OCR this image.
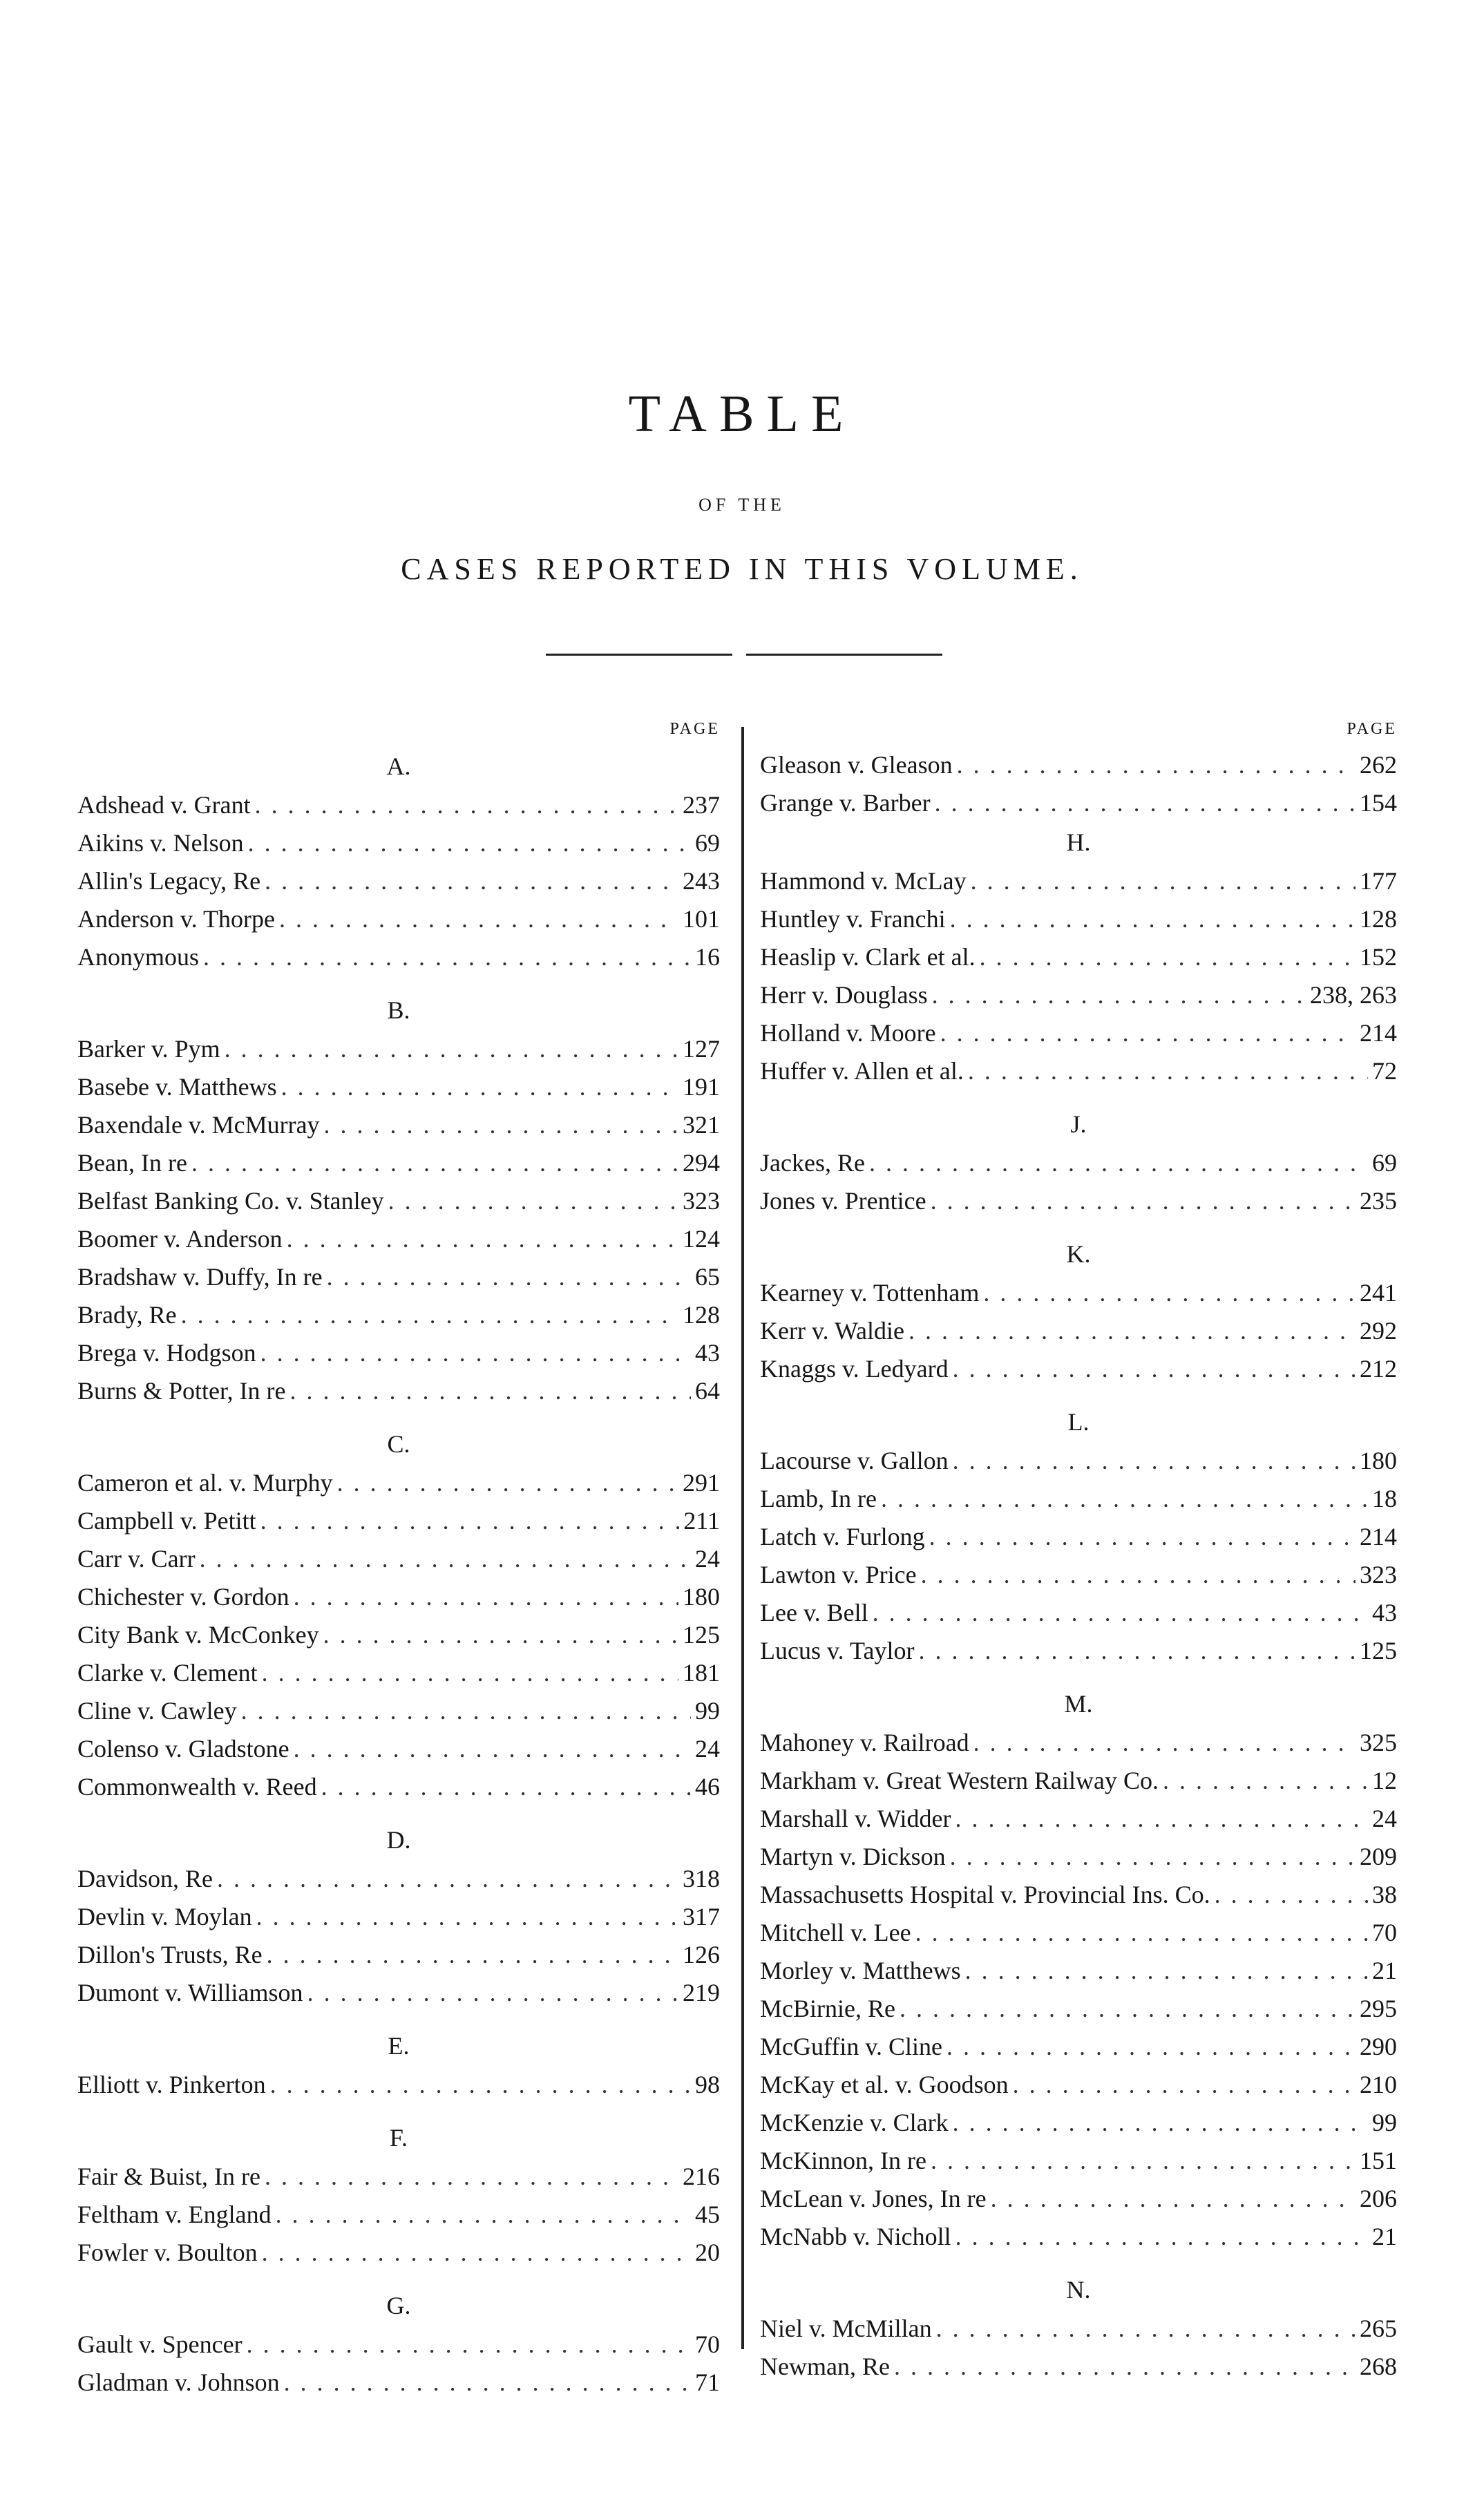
TABLE
OF THE
CASES REPORTED IN THIS VOLUME.
PAGE
A.
Adshead v. Grant . . .	237
Aikins v. Nelson . . .	69
Allin's Legacy, Re . . .	243
Anderson v. Thorpe . . .	101
Anonymous . . .	16
B.
Barker v. Pym . . .	127
Basebe v. Matthews . . .	191
Baxendale v. McMurray . . .	321
Bean, In re . . .	294
Belfast Banking Co. v. Stanley . . .	323
Boomer v. Anderson . . .	124
Bradshaw v. Duffy, In re . . .	65
Brady, Re . . .	128
Brega v. Hodgson . . .	43
Burns & Potter, In re . . .	64
C.
Cameron et al. v. Murphy . . .	291
Campbell v. Petitt . . .	211
Carr v. Carr . . .	24
Chichester v. Gordon . . .	180
City Bank v. McConkey . . .	125
Clarke v. Clement . . .	181
Cline v. Cawley . . .	99
Colenso v. Gladstone . . .	24
Commonwealth v. Reed . . .	46
D.
Davidson, Re . . .	318
Devlin v. Moylan . . .	317
Dillon's Trusts, Re . . .	126
Dumont v. Williamson . . .	219
E.
Elliott v. Pinkerton . . .	98
F.
Fair & Buist, In re . . .	216
Feltham v. England . . .	45
Fowler v. Boulton . . .	20
G.
Gault v. Spencer . . .	70
Gladman v. Johnson . . .	71
PAGE
Gleason v. Gleason . . .	262
Grange v. Barber . . .	154
H.
Hammond v. McLay . . .	177
Huntley v. Franchi . . .	128
Heaslip v. Clark et al. . . .	152
Herr v. Douglass . . .	238, 263
Holland v. Moore . . .	214
Huffer v. Allen et al. . . .	72
J.
Jackes, Re . . .	69
Jones v. Prentice . . .	235
K.
Kearney v. Tottenham . . .	241
Kerr v. Waldie . . .	292
Knaggs v. Ledyard . . .	212
L.
Lacourse v. Gallon . . .	180
Lamb, In re . . .	18
Latch v. Furlong . . .	214
Lawton v. Price . . .	323
Lee v. Bell . . .	43
Lucus v. Taylor . . .	125
M.
Mahoney v. Railroad . . .	325
Markham v. Great Western Railway Co. . . .	12
Marshall v. Widder . . .	24
Martyn v. Dickson . . .	209
Massachusetts Hospital v. Provincial Ins. Co. . . .	38
Mitchell v. Lee . . .	70
Morley v. Matthews . . .	21
McBirnie, Re . . .	295
McGuffin v. Cline . . .	290
McKay et al. v. Goodson . . .	210
McKenzie v. Clark . . .	99
McKinnon, In re . . .	151
McLean v. Jones, In re . . .	206
McNabb v. Nicholl . . .	21
N.
Niel v. McMillan . . .	265
Newman, Re . . .	268
